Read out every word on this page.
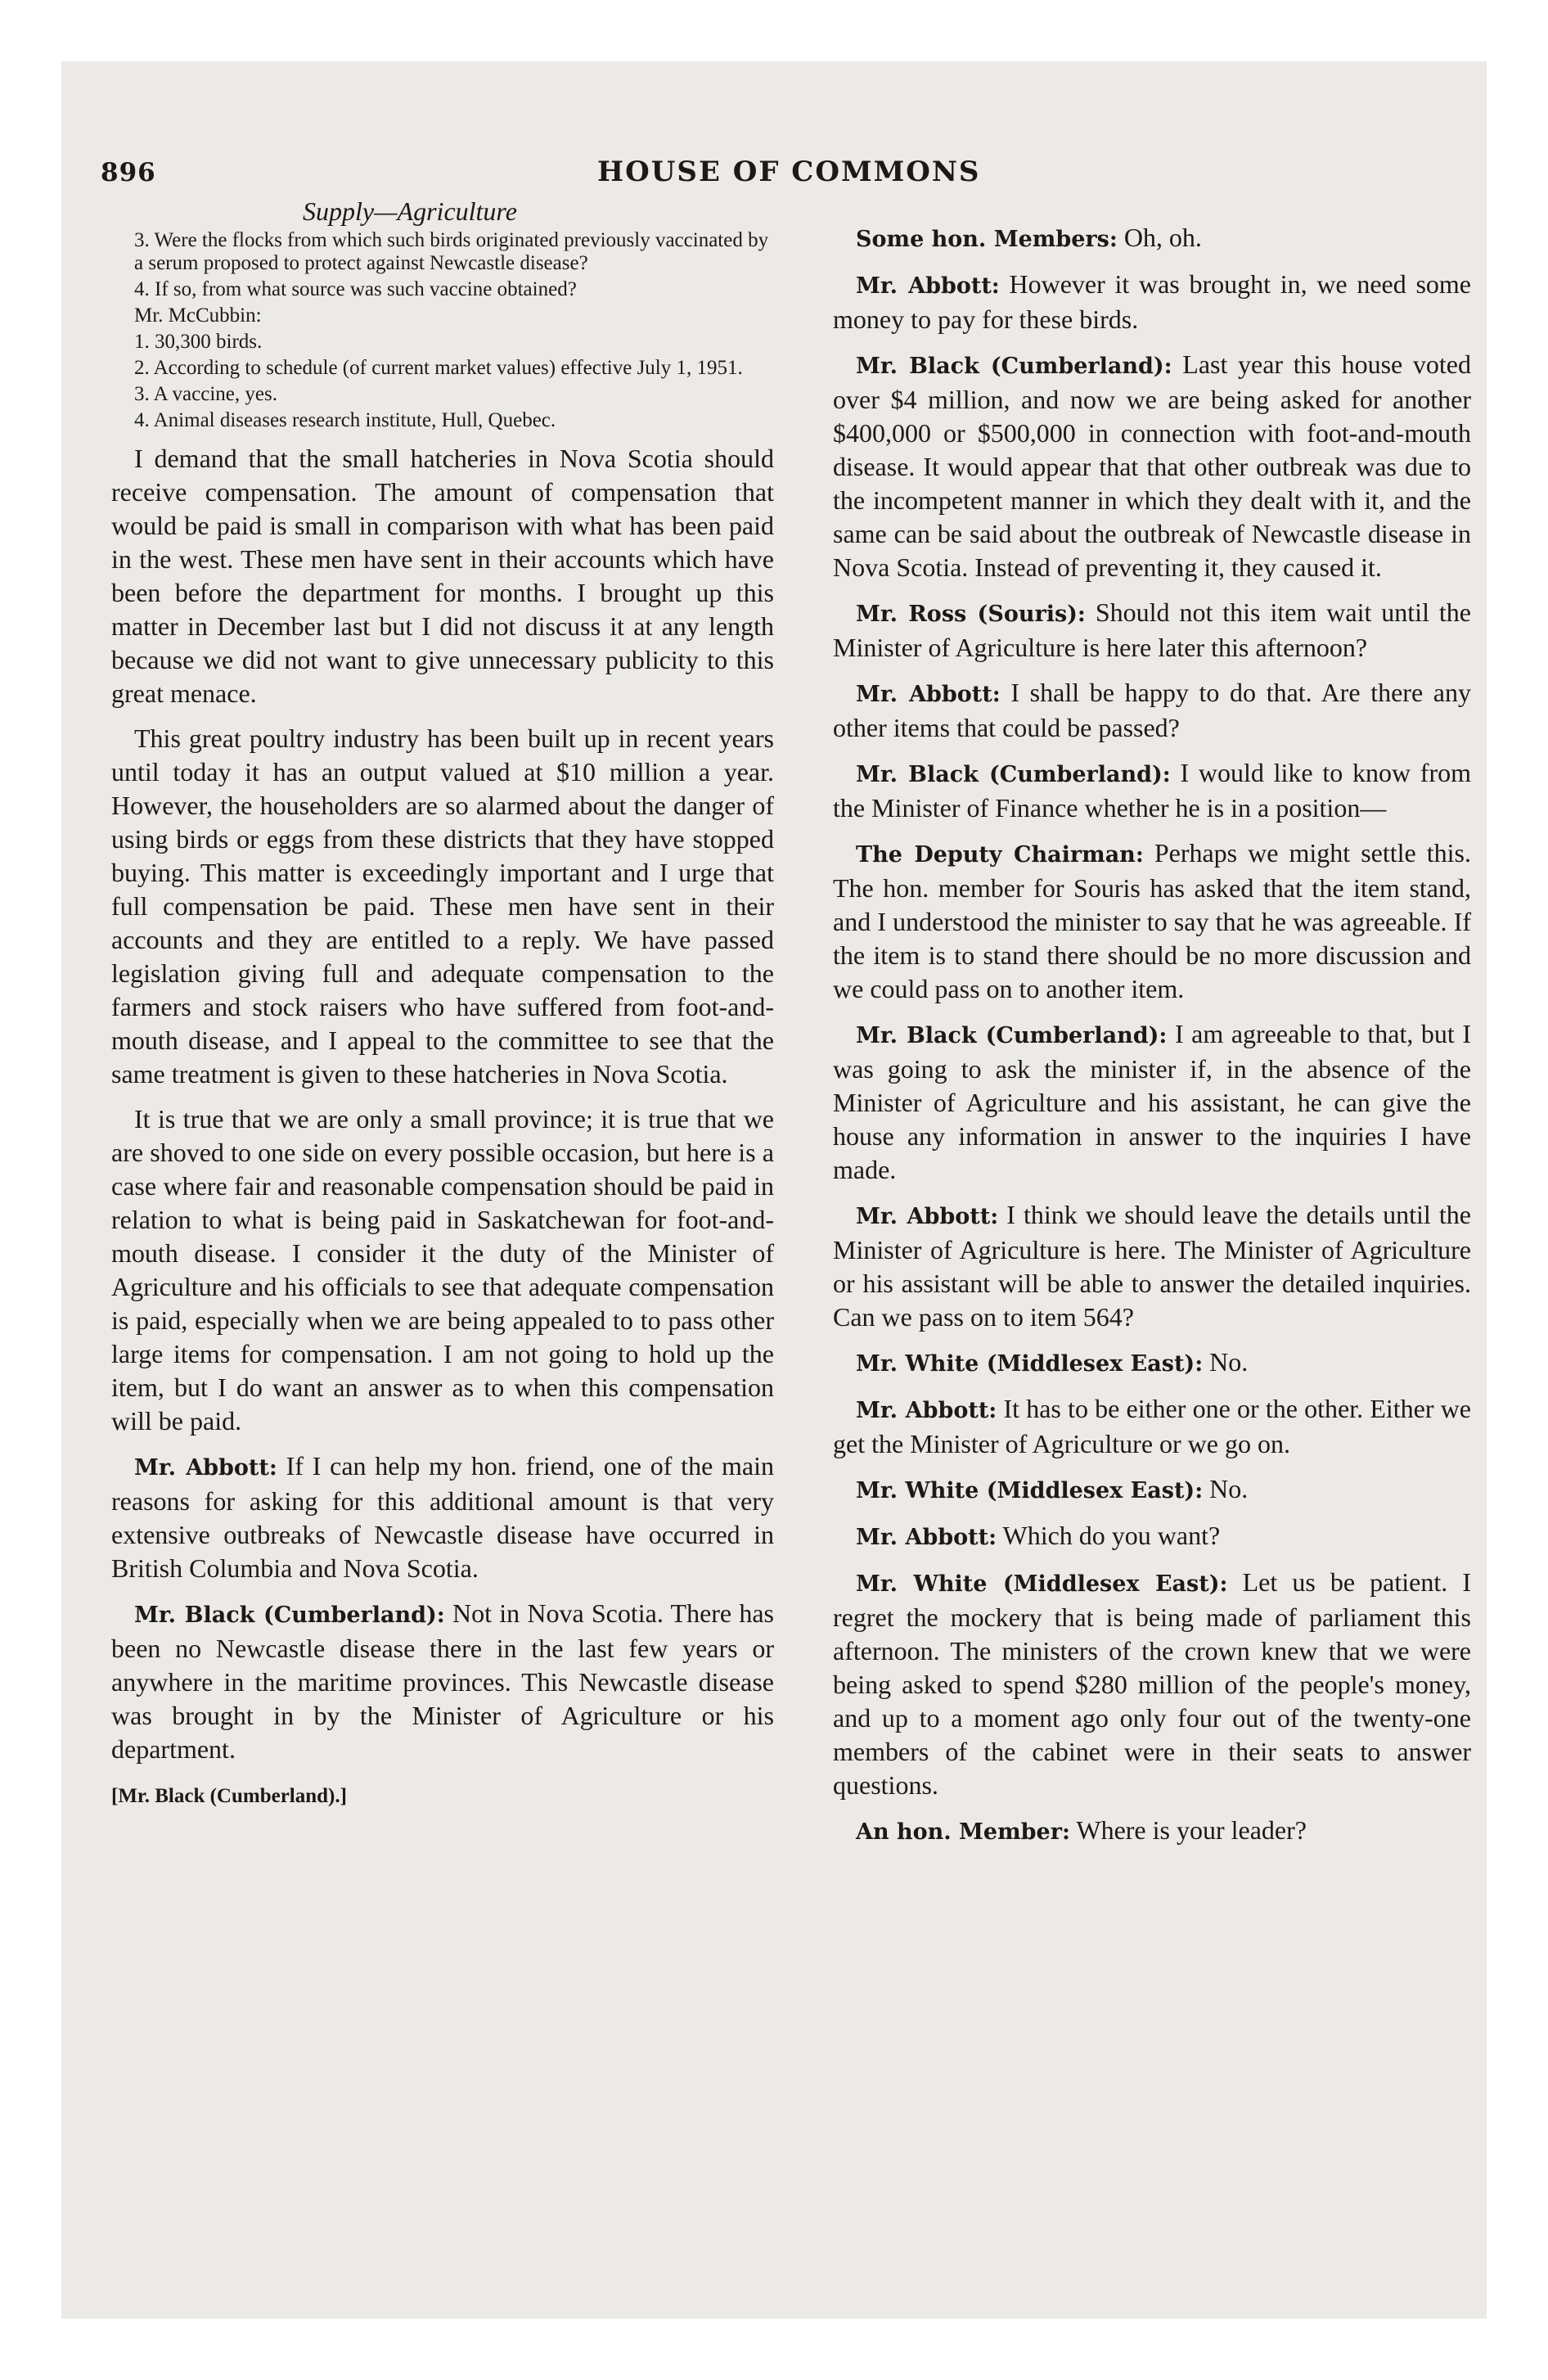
896	HOUSE OF COMMONS
Supply—Agriculture

3. Were the flocks from which such birds originated previously vaccinated by a serum proposed to protect against Newcastle disease?

4. If so, from what source was such vaccine obtained?

Mr. McCubbin:

1. 30,300 birds.

2. According to schedule (of current market values) effective July 1, 1951.

3. A vaccine, yes.

4. Animal diseases research institute, Hull, Quebec.

I demand that the small hatcheries in Nova Scotia should receive compensation. The amount of compensation that would be paid is small in comparison with what has been paid in the west. These men have sent in their accounts which have been before the department for months. I brought up this matter in December last but I did not discuss it at any length because we did not want to give unnecessary publicity to this great menace.

This great poultry industry has been built up in recent years until today it has an output valued at $10 million a year. However, the householders are so alarmed about the danger of using birds or eggs from these districts that they have stopped buying. This matter is exceedingly important and I urge that full compensation be paid. These men have sent in their accounts and they are entitled to a reply. We have passed legislation giving full and adequate compensation to the farmers and stock raisers who have suffered from foot-and-mouth disease, and I appeal to the committee to see that the same treatment is given to these hatcheries in Nova Scotia.

It is true that we are only a small province; it is true that we are shoved to one side on every possible occasion, but here is a case where fair and reasonable compensation should be paid in relation to what is being paid in Saskatchewan for foot-and-mouth disease. I consider it the duty of the Minister of Agriculture and his officials to see that adequate compensation is paid, especially when we are being appealed to to pass other large items for compensation. I am not going to hold up the item, but I do want an answer as to when this compensation will be paid.

Mr. Abbott: If I can help my hon. friend, one of the main reasons for asking for this additional amount is that very extensive outbreaks of Newcastle disease have occurred in British Columbia and Nova Scotia.

Mr. Black (Cumberland): Not in Nova Scotia. There has been no Newcastle disease there in the last few years or anywhere in the maritime provinces. This Newcastle disease was brought in by the Minister of Agriculture or his department.

[Mr. Black (Cumberland).]

Some hon. Members: Oh, oh.

Mr. Abbott: However it was brought in, we need some money to pay for these birds.

Mr. Black (Cumberland): Last year this house voted over $4 million, and now we are being asked for another $400,000 or $500,000 in connection with foot-and-mouth disease. It would appear that that other outbreak was due to the incompetent manner in which they dealt with it, and the same can be said about the outbreak of Newcastle disease in Nova Scotia. Instead of preventing it, they caused it.

Mr. Ross (Souris): Should not this item wait until the Minister of Agriculture is here later this afternoon?

Mr. Abbott: I shall be happy to do that. Are there any other items that could be passed?

Mr. Black (Cumberland): I would like to know from the Minister of Finance whether he is in a position—

The Deputy Chairman: Perhaps we might settle this. The hon. member for Souris has asked that the item stand, and I understood the minister to say that he was agreeable. If the item is to stand there should be no more discussion and we could pass on to another item.

Mr. Black (Cumberland): I am agreeable to that, but I was going to ask the minister if, in the absence of the Minister of Agriculture and his assistant, he can give the house any information in answer to the inquiries I have made.

Mr. Abbott: I think we should leave the details until the Minister of Agriculture is here. The Minister of Agriculture or his assistant will be able to answer the detailed inquiries. Can we pass on to item 564?

Mr. White (Middlesex East): No.

Mr. Abbott: It has to be either one or the other. Either we get the Minister of Agriculture or we go on.

Mr. White (Middlesex East): No.

Mr. Abbott: Which do you want?

Mr. White (Middlesex East): Let us be patient. I regret the mockery that is being made of parliament this afternoon. The ministers of the crown knew that we were being asked to spend $280 million of the people's money, and up to a moment ago only four out of the twenty-one members of the cabinet were in their seats to answer questions.

An hon. Member: Where is your leader?
